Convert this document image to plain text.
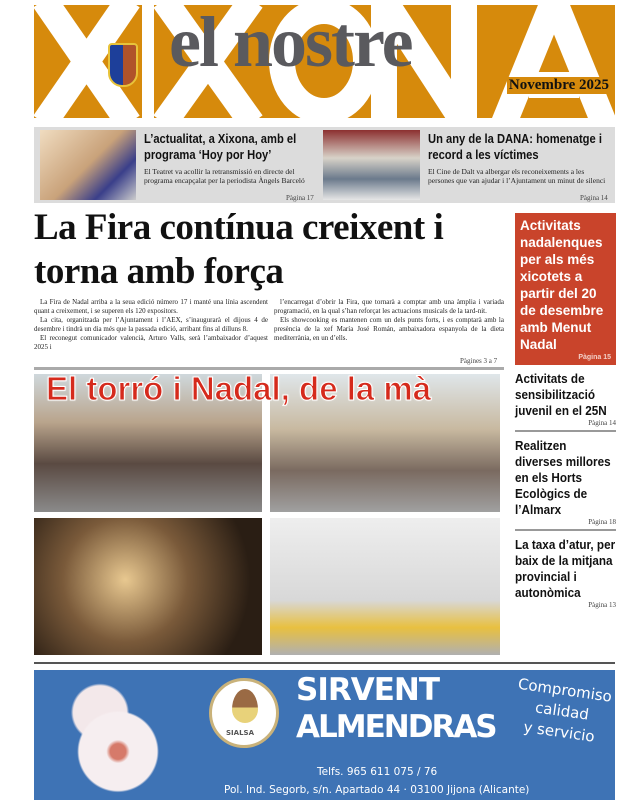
el nostre
Novembre 2025
L’actualitat, a Xixona, amb el programa ‘Hoy por Hoy’
El Teatret va acollir la retransmissió en directe del programa encapçalat per la periodista Àngels Barceló
Pàgina 17
Un any de la DANA: homenatge i record a les víctimes
El Cine de Dalt va albergar els reconeixements a les persones que van ajudar i l’Ajuntament un minut de silenci
Pàgina 14
La Fira contínua creixent i torna amb força

La Fira de Nadal arriba a la seua edició número 17 i manté una línia ascendent quant a creixement, i se superen els 120 expositors.

La cita, organitzada per l’Ajuntament i l’AEX, s’inaugurarà el dijous 4 de desembre i tindrà un dia més que la passada edició, arribant fins al dilluns 8.

El reconegut comunicador valencià, Arturo Valls, serà l’ambaixador d’aquest 2025 i

l’encarregat d’obrir la Fira, que tornarà a comptar amb una àmplia i variada programació, en la qual s’han reforçat les actuacions musicals de la tard-nit.

Els showcooking es mantenen com un dels punts forts, i es comptarà amb la presència de la xef María José Román, ambaixadora espanyola de la dieta mediterrània, en un d’ells.

Pàgines 3 a 7
El torró i Nadal, de la mà
Activitats nadalenques per als més xicotets a partir del 20 de desembre amb Menut Nadal
Pàgina 15
Activitats de sensibilització juvenil en el 25N
Pàgina 14
Realitzen diverses millores en els Horts Ecològics de l’Almarx
Pàgina 18
La taxa d’atur, per baix de la mitjana provincial i autonòmica
Pàgina 13
SIALSA
SIRVENT
ALMENDRAS
Compromiso
calidad
y servicio
Telfs. 965 611 075 / 76
Pol. Ind. Segorb, s/n. Apartado 44 · 03100 Jijona (Alicante)
